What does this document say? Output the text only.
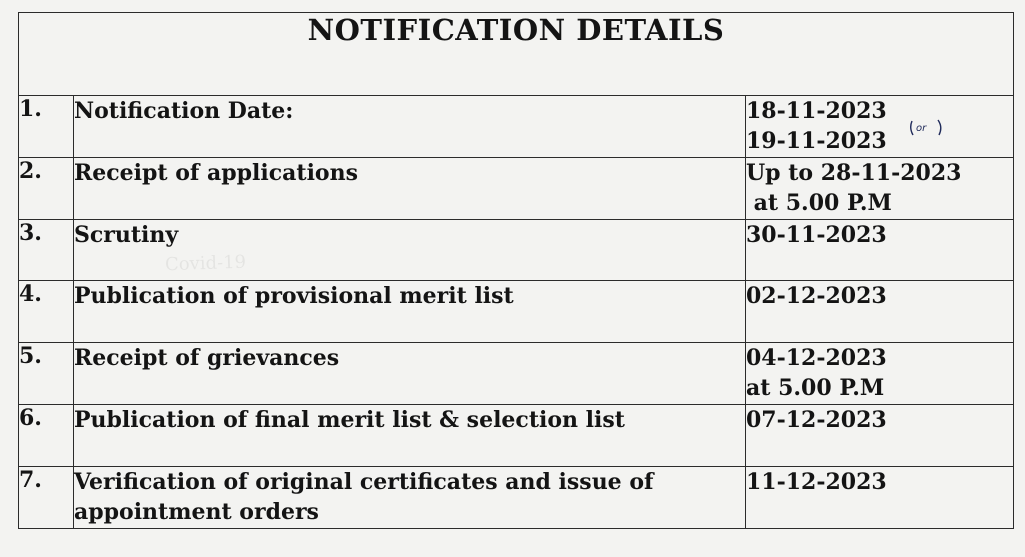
Covid-19
NOTIFICATION DETAILS		
1.	Notification Date:	18-11-2023
19-11-2023

2.	Receipt of applications	Up to 28-11-2023
at 5.00 P.M

3.	Scrutiny	30-11-2023

4.	Publication of provisional merit list	02-12-2023

5.	Receipt of grievances	04-12-2023
at 5.00 P.M

6.	Publication of final merit list & selection list	07-12-2023

7.	Verification of original certificates and issue of appointment orders	11-12-2023
or
